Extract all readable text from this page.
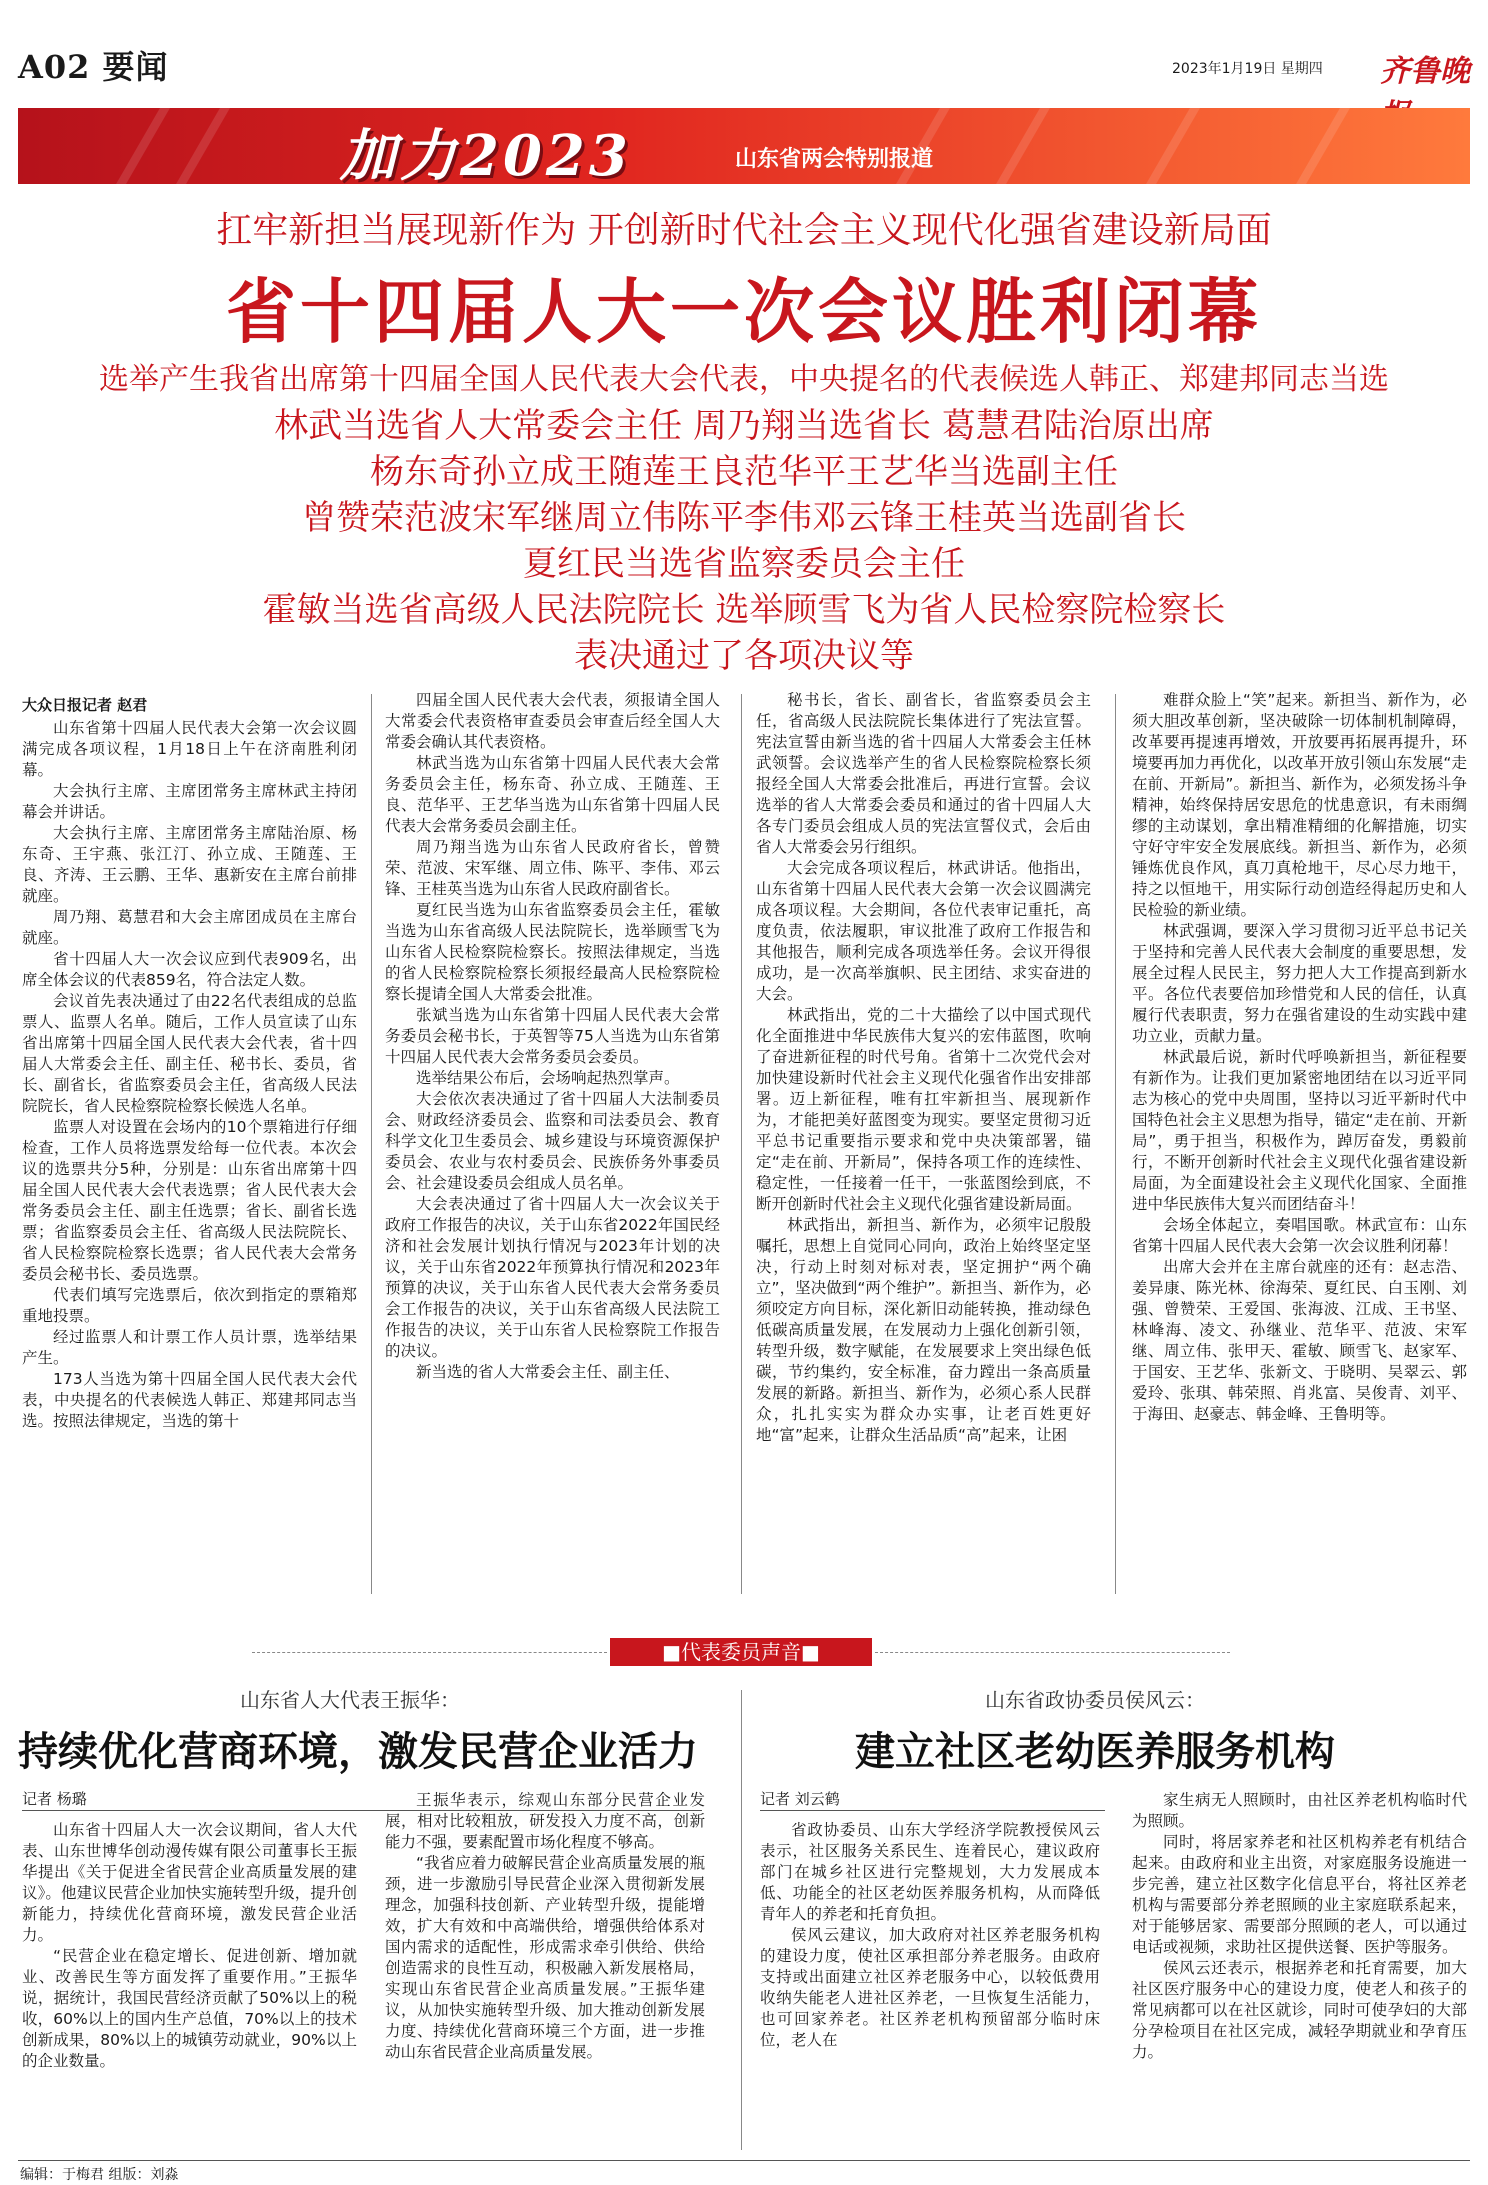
A02 要闻	2023年1月19日 星期四 齐鲁晚
加力2023	山东省两会特别报道
扛牢新担当展现新作为 开创新时代社会主义现代化强省建设新局面
省十四届人大一次会议胜利闭幕
选举产生我省出席第十四届全国人民代表大会代表，中央提名的代表候选人韩正、郑建邦同志当选
林武当选省人大常委会主任 周乃翔当选省长 葛慧君陆治原出席
杨东奇孙立成王随莲王良范华平王艺华当选副主任
曾赞荣范波宋军继周立伟陈平李伟邓云锋王桂英当选副省长
夏红民当选省监察委员会主任
霍敏当选省高级人民法院院长 选举顾雪飞为省人民检察院检察长
表决通过了各项决议等
大众日报记者 赵君

山东省第十四届人民代表大会第一次会议圆满完成各项议程，1月18日上午在济南胜利闭幕。

大会执行主席、主席团常务主席林武主持闭幕会并讲话。

大会执行主席、主席团常务主席陆治原、杨东奇、王宇燕、张江汀、孙立成、王随莲、王良、齐涛、王云鹏、王华、惠新安在主席台前排就座。

周乃翔、葛慧君和大会主席团成员在主席台就座。

省十四届人大一次会议应到代表909名，出席全体会议的代表859名，符合法定人数。

会议首先表决通过了由22名代表组成的总监票人、监票人名单。随后，工作人员宣读了山东省出席第十四届全国人民代表大会代表，省十四届人大常委会主任、副主任、秘书长、委员，省长、副省长，省监察委员会主任，省高级人民法院院长，省人民检察院检察长候选人名单。

监票人对设置在会场内的10个票箱进行仔细检查，工作人员将选票发给每一位代表。本次会议的选票共分5种，分别是：山东省出席第十四届全国人民代表大会代表选票；省人民代表大会常务委员会主任、副主任选票；省长、副省长选票；省监察委员会主任、省高级人民法院院长、省人民检察院检察长选票；省人民代表大会常务委员会秘书长、委员选票。

代表们填写完选票后，依次到指定的票箱郑重地投票。

经过监票人和计票工作人员计票，选举结果产生。

173人当选为第十四届全国人民代表大会代表，中央提名的代表候选人韩正、郑建邦同志当选。按照法律规定，当选的第十

四届全国人民代表大会代表，须报请全国人大常委会代表资格审查委员会审查后经全国人大常委会确认其代表资格。

林武当选为山东省第十四届人民代表大会常务委员会主任，杨东奇、孙立成、王随莲、王良、范华平、王艺华当选为山东省第十四届人民代表大会常务委员会副主任。

周乃翔当选为山东省人民政府省长，曾赞荣、范波、宋军继、周立伟、陈平、李伟、邓云锋、王桂英当选为山东省人民政府副省长。

夏红民当选为山东省监察委员会主任，霍敏当选为山东省高级人民法院院长，选举顾雪飞为山东省人民检察院检察长。按照法律规定，当选的省人民检察院检察长须报经最高人民检察院检察长提请全国人大常委会批准。

张斌当选为山东省第十四届人民代表大会常务委员会秘书长，于英智等75人当选为山东省第十四届人民代表大会常务委员会委员。

选举结果公布后，会场响起热烈掌声。

大会依次表决通过了省十四届人大法制委员会、财政经济委员会、监察和司法委员会、教育科学文化卫生委员会、城乡建设与环境资源保护委员会、农业与农村委员会、民族侨务外事委员会、社会建设委员会组成人员名单。

大会表决通过了省十四届人大一次会议关于政府工作报告的决议，关于山东省2022年国民经济和社会发展计划执行情况与2023年计划的决议，关于山东省2022年预算执行情况和2023年预算的决议，关于山东省人民代表大会常务委员会工作报告的决议，关于山东省高级人民法院工作报告的决议，关于山东省人民检察院工作报告的决议。

新当选的省人大常委会主任、副主任、

秘书长，省长、副省长，省监察委员会主任，省高级人民法院院长集体进行了宪法宣誓。宪法宣誓由新当选的省十四届人大常委会主任林武领誓。会议选举产生的省人民检察院检察长须报经全国人大常委会批准后，再进行宣誓。会议选举的省人大常委会委员和通过的省十四届人大各专门委员会组成人员的宪法宣誓仪式，会后由省人大常委会另行组织。

大会完成各项议程后，林武讲话。他指出，山东省第十四届人民代表大会第一次会议圆满完成各项议程。大会期间，各位代表审记重托，高度负责，依法履职，审议批准了政府工作报告和其他报告，顺利完成各项选举任务。会议开得很成功，是一次高举旗帜、民主团结、求实奋进的大会。

林武指出，党的二十大描绘了以中国式现代化全面推进中华民族伟大复兴的宏伟蓝图，吹响了奋进新征程的时代号角。省第十二次党代会对加快建设新时代社会主义现代化强省作出安排部署。迈上新征程，唯有扛牢新担当、展现新作为，才能把美好蓝图变为现实。要坚定贯彻习近平总书记重要指示要求和党中央决策部署，锚定“走在前、开新局”，保持各项工作的连续性、稳定性，一任接着一任干，一张蓝图绘到底，不断开创新时代社会主义现代化强省建设新局面。

林武指出，新担当、新作为，必须牢记殷殷嘱托，思想上自觉同心同向，政治上始终坚定坚决，行动上时刻对标对表，坚定拥护“两个确立”，坚决做到“两个维护”。新担当、新作为，必须咬定方向目标，深化新旧动能转换，推动绿色低碳高质量发展，在发展动力上强化创新引领，转型升级，数字赋能，在发展要求上突出绿色低碳，节约集约，安全标准，奋力蹚出一条高质量发展的新路。新担当、新作为，必须心系人民群众，扎扎实实为群众办实事，让老百姓更好地“富”起来，让群众生活品质“高”起来，让困

难群众脸上“笑”起来。新担当、新作为，必须大胆改革创新，坚决破除一切体制机制障碍，改革要再提速再增效，开放要再拓展再提升，环境要再加力再优化，以改革开放引领山东发展“走在前、开新局”。新担当、新作为，必须发扬斗争精神，始终保持居安思危的忧患意识，有未雨绸缪的主动谋划，拿出精准精细的化解措施，切实守好守牢安全发展底线。新担当、新作为，必须锤炼优良作风，真刀真枪地干，尽心尽力地干，持之以恒地干，用实际行动创造经得起历史和人民检验的新业绩。

林武强调，要深入学习贯彻习近平总书记关于坚持和完善人民代表大会制度的重要思想，发展全过程人民民主，努力把人大工作提高到新水平。各位代表要倍加珍惜党和人民的信任，认真履行代表职责，努力在强省建设的生动实践中建功立业，贡献力量。

林武最后说，新时代呼唤新担当，新征程要有新作为。让我们更加紧密地团结在以习近平同志为核心的党中央周围，坚持以习近平新时代中国特色社会主义思想为指导，锚定“走在前、开新局”，勇于担当，积极作为，踔厉奋发，勇毅前行，不断开创新时代社会主义现代化强省建设新局面，为全面建设社会主义现代化国家、全面推进中华民族伟大复兴而团结奋斗！

会场全体起立，奏唱国歌。林武宣布：山东省第十四届人民代表大会第一次会议胜利闭幕！

出席大会并在主席台就座的还有：赵志浩、姜异康、陈光林、徐海荣、夏红民、白玉刚、刘强、曾赞荣、王爱国、张海波、江成、王书坚、林峰海、凌文、孙继业、范华平、范波、宋军继、周立伟、张甲天、霍敏、顾雪飞、赵家军、于国安、王艺华、张新文、于晓明、吴翠云、郭爱玲、张琪、韩荣照、肖兆富、吴俊青、刘平、于海田、赵豪志、韩金峰、王鲁明等。

■代表委员声音■
山东省人大代表王振华：
持续优化营商环境，激发民营企业活力
记者 杨璐

山东省十四届人大一次会议期间，省人大代表、山东世博华创动漫传媒有限公司董事长王振华提出《关于促进全省民营企业高质量发展的建议》。他建议民营企业加快实施转型升级，提升创新能力，持续优化营商环境，激发民营企业活力。

“民营企业在稳定增长、促进创新、增加就业、改善民生等方面发挥了重要作用。”王振华说，据统计，我国民营经济贡献了50%以上的税收，60%以上的国内生产总值，70%以上的技术创新成果，80%以上的城镇劳动就业，90%以上的企业数量。

王振华表示，综观山东部分民营企业发展，相对比较粗放，研发投入力度不高，创新能力不强，要素配置市场化程度不够高。

“我省应着力破解民营企业高质量发展的瓶颈，进一步激励引导民营企业深入贯彻新发展理念，加强科技创新、产业转型升级，提能增效，扩大有效和中高端供给，增强供给体系对国内需求的适配性，形成需求牵引供给、供给创造需求的良性互动，积极融入新发展格局，实现山东省民营企业高质量发展。”王振华建议，从加快实施转型升级、加大推动创新发展力度、持续优化营商环境三个方面，进一步推动山东省民营企业高质量发展。

山东省政协委员侯风云：
建立社区老幼医养服务机构
记者 刘云鹤

省政协委员、山东大学经济学院教授侯风云表示，社区服务关系民生、连着民心，建议政府部门在城乡社区进行完整规划，大力发展成本低、功能全的社区老幼医养服务机构，从而降低青年人的养老和托育负担。

侯风云建议，加大政府对社区养老服务机构的建设力度，使社区承担部分养老服务。由政府支持或出面建立社区养老服务中心，以较低费用收纳失能老人进社区养老，一旦恢复生活能力，也可回家养老。社区养老机构预留部分临时床位，老人在

家生病无人照顾时，由社区养老机构临时代为照顾。

同时，将居家养老和社区机构养老有机结合起来。由政府和业主出资，对家庭服务设施进一步完善，建立社区数字化信息平台，将社区养老机构与需要部分养老照顾的业主家庭联系起来，对于能够居家、需要部分照顾的老人，可以通过电话或视频，求助社区提供送餐、医护等服务。

侯风云还表示，根据养老和托育需要，加大社区医疗服务中心的建设力度，使老人和孩子的常见病都可以在社区就诊，同时可使孕妇的大部分孕检项目在社区完成，减轻孕期就业和孕育压力。

编辑：于梅君 组版：刘淼
